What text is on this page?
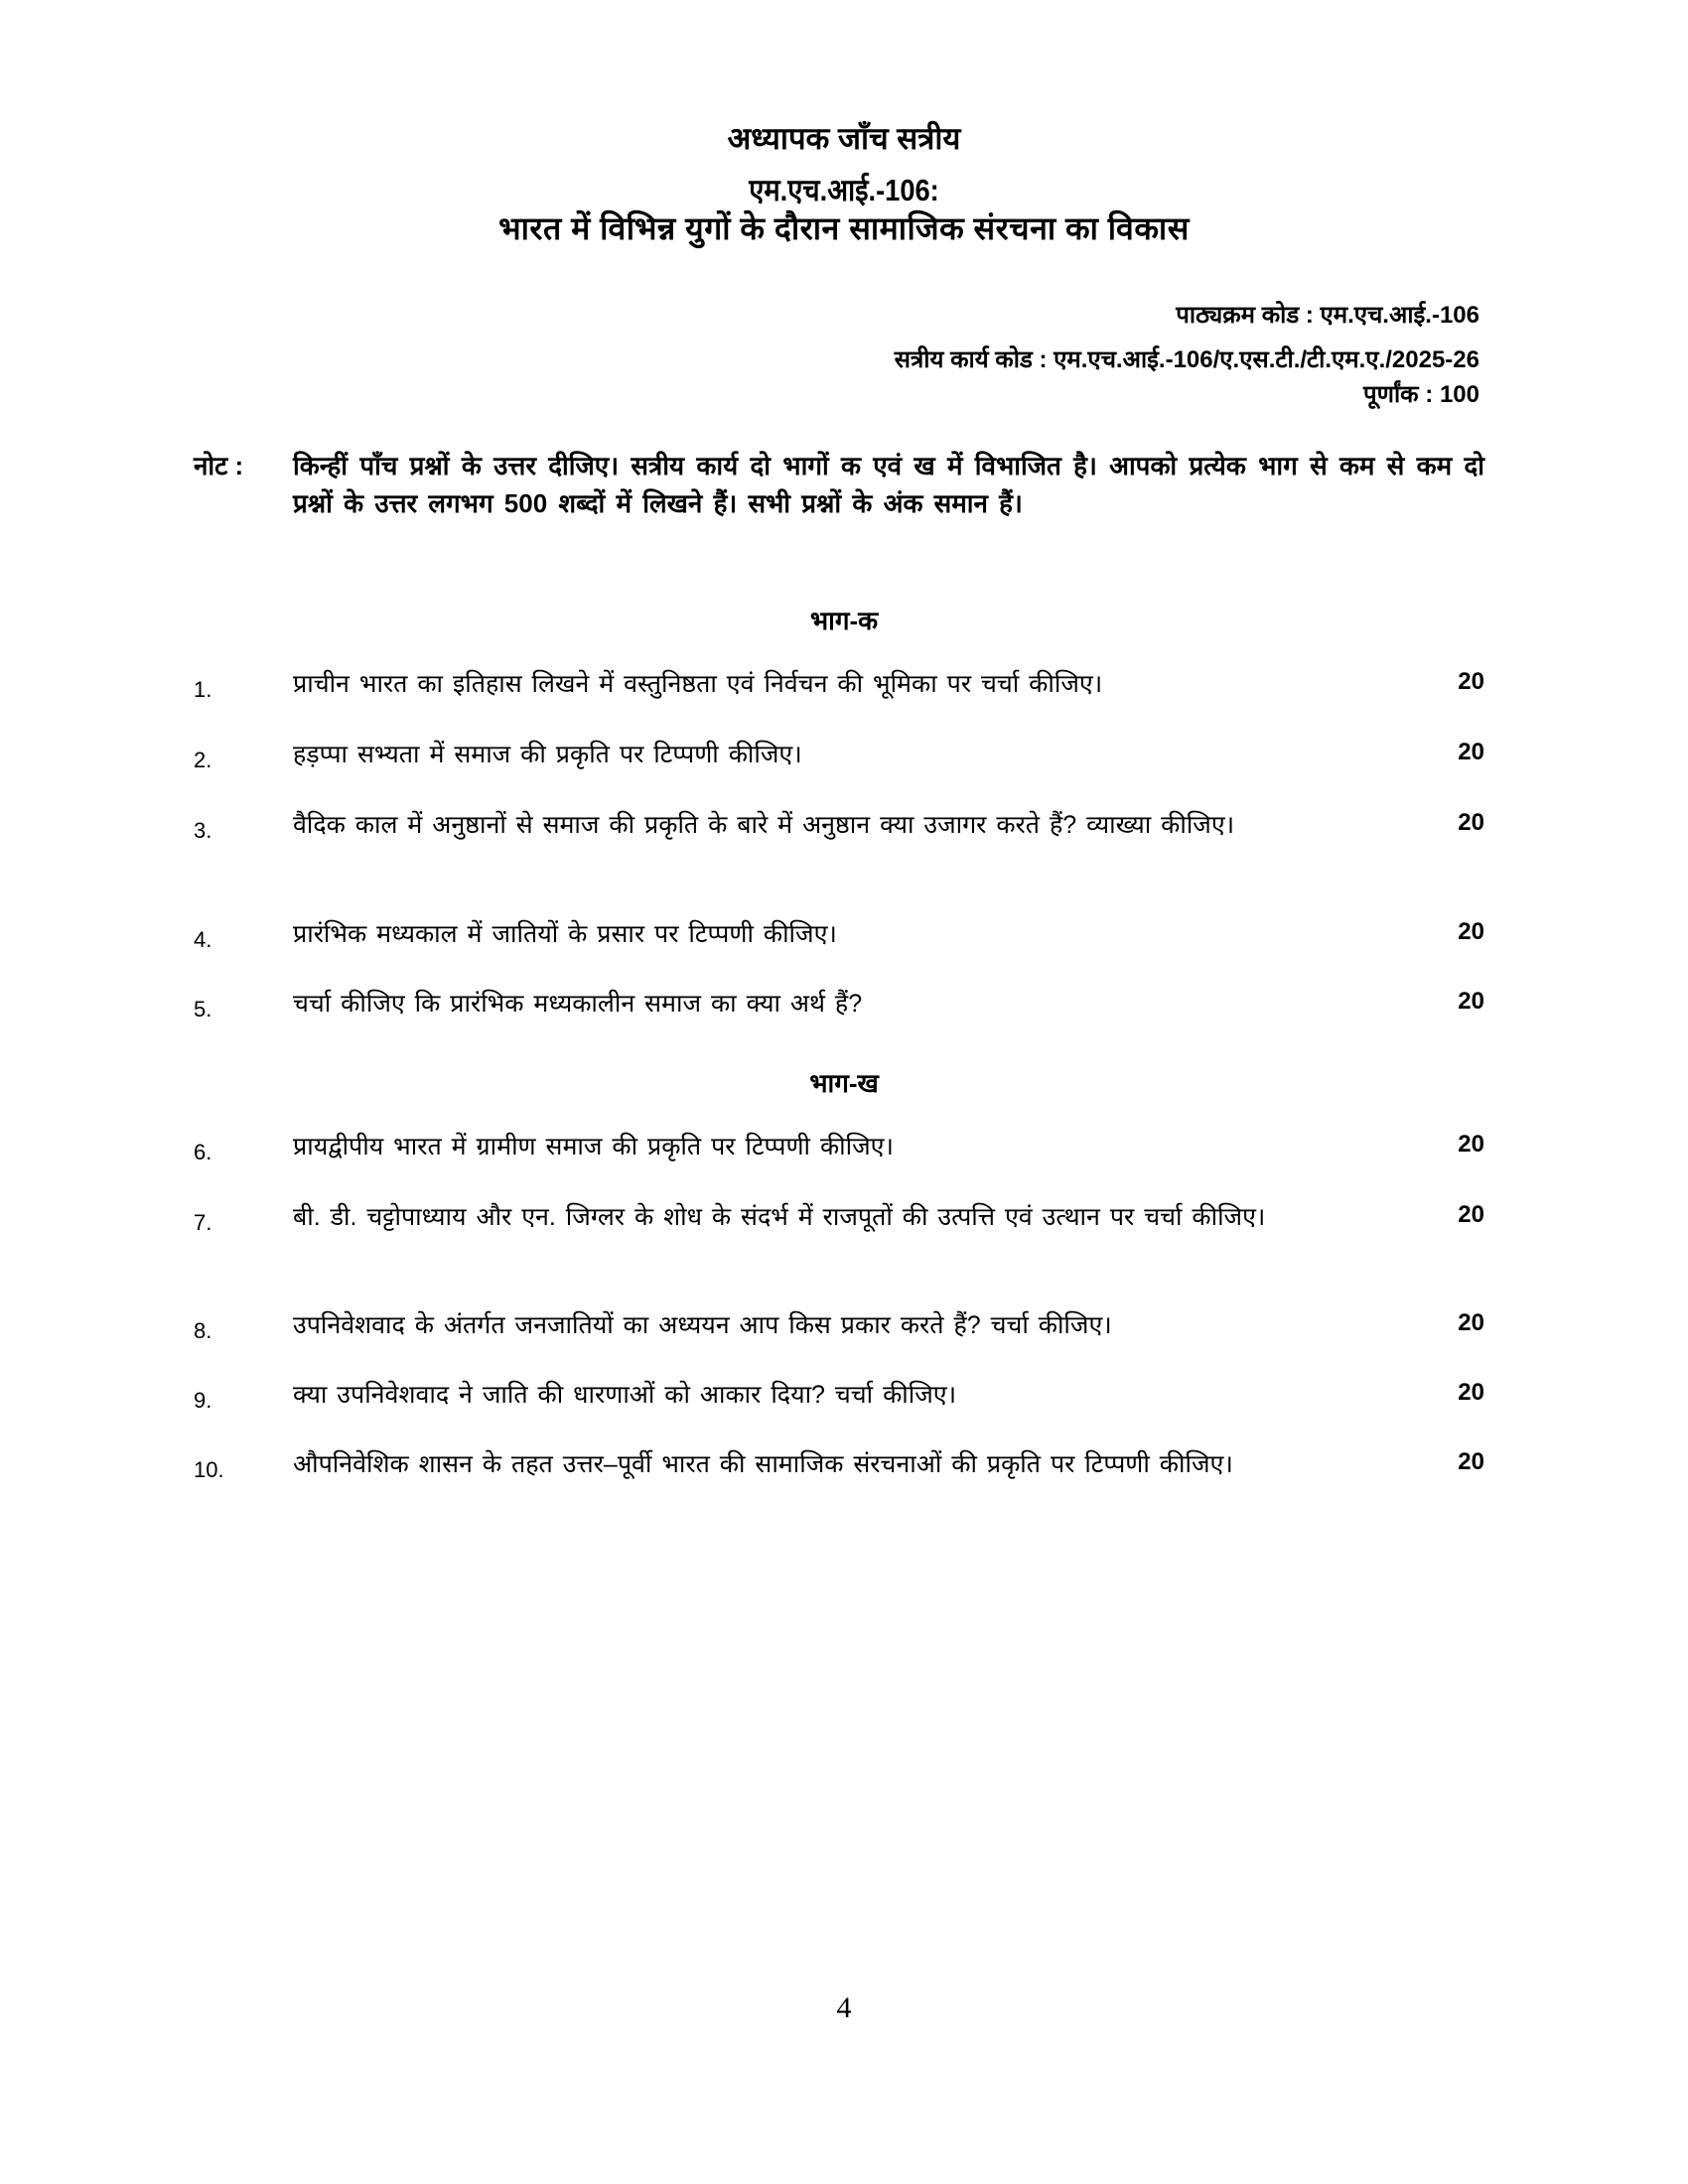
अध्यापक जाँच सत्रीय
एम.एच.आई.-106:
भारत में विभिन्न युगों के दौरान सामाजिक संरचना का विकास
पाठ्यक्रम कोड : एम.एच.आई.-106
सत्रीय कार्य कोड : एम.एच.आई.-106/ए.एस.टी./टी.एम.ए./2025-26
पूर्णांक : 100
नोट :	किन्हीं पाँच प्रश्नों के उत्तर दीजिए। सत्रीय कार्य दो भागों क एवं ख में विभाजित है। आपको प्रत्येक भाग से कम से कम दो प्रश्नों के उत्तर लगभग 500 शब्दों में लिखने हैं। सभी प्रश्नों के अंक समान हैं।
भाग-क
1.	प्राचीन भारत का इतिहास लिखने में वस्तुनिष्ठता एवं निर्वचन की भूमिका पर चर्चा कीजिए।	20
2.	हड़प्पा सभ्यता में समाज की प्रकृति पर टिप्पणी कीजिए।	20
3.	वैदिक काल में अनुष्ठानों से समाज की प्रकृति के बारे में अनुष्ठान क्या उजागर करते हैं? व्याख्या कीजिए।	20
4.	प्रारंभिक मध्यकाल में जातियों के प्रसार पर टिप्पणी कीजिए।	20
5.	चर्चा कीजिए कि प्रारंभिक मध्यकालीन समाज का क्या अर्थ हैं?	20
भाग-ख
6.	प्रायद्वीपीय भारत में ग्रामीण समाज की प्रकृति पर टिप्पणी कीजिए।	20
7.	बी. डी. चट्टोपाध्याय और एन. जिग्लर के शोध के संदर्भ में राजपूतों की उत्पत्ति एवं उत्थान पर चर्चा कीजिए।	20
8.	उपनिवेशवाद के अंतर्गत जनजातियों का अध्ययन आप किस प्रकार करते हैं? चर्चा कीजिए।	20
9.	क्या उपनिवेशवाद ने जाति की धारणाओं को आकार दिया? चर्चा कीजिए।	20
10.	औपनिवेशिक शासन के तहत उत्तर–पूर्वी भारत की सामाजिक संरचनाओं की प्रकृति पर टिप्पणी कीजिए।	20
4
